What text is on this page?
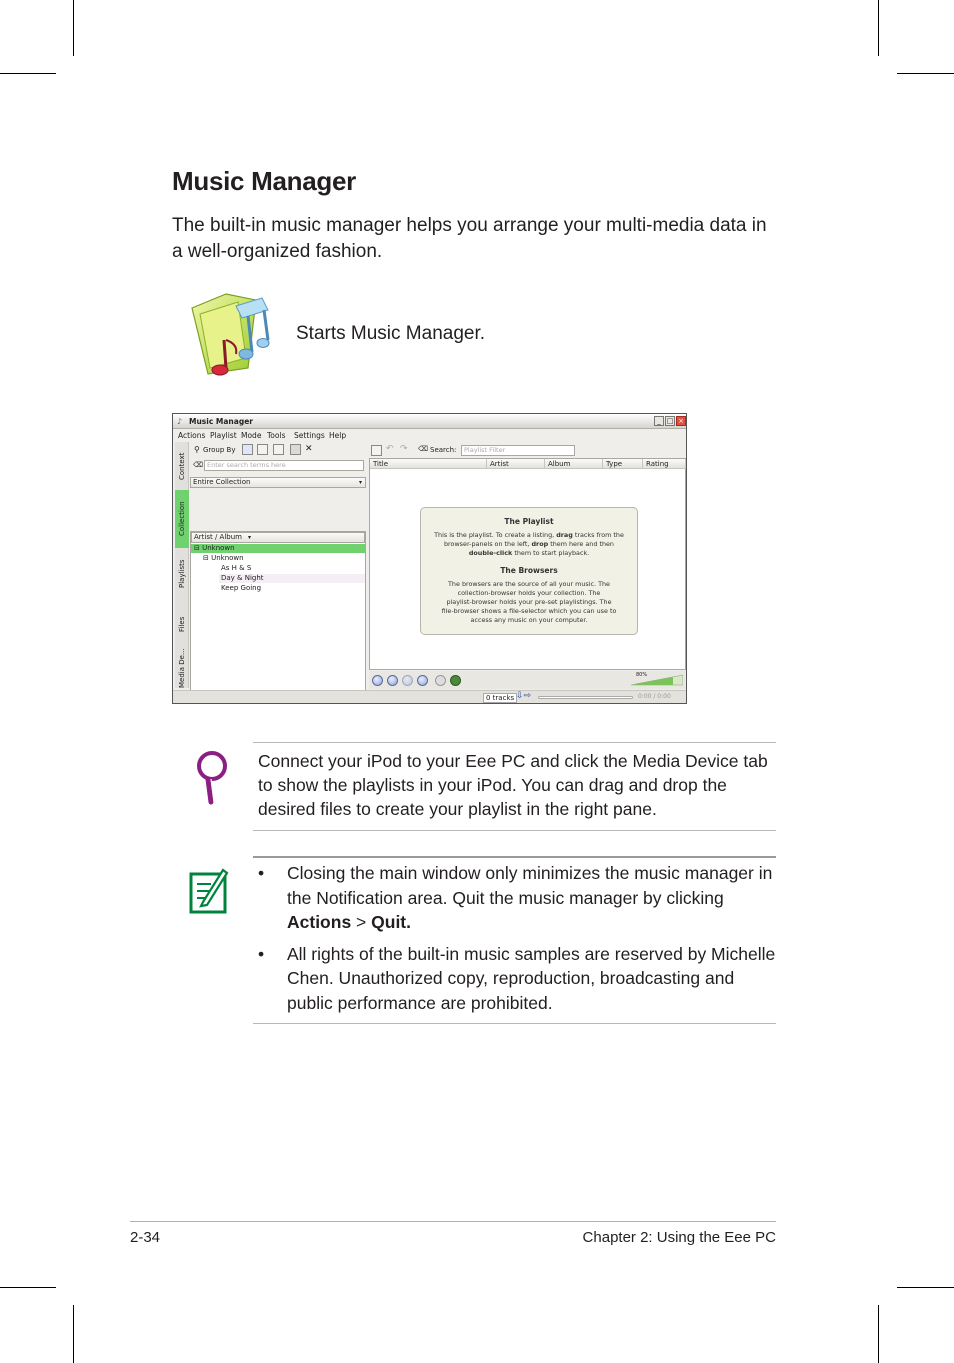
Music Manager
The built-in music manager helps you arrange your multi-media data in a well-organized fashion.
Starts Music Manager.
♪ Music Manager	_ □ ×
Actions Playlist Mode Tools Settings Help
Context
Collection
Playlists
Files
Media De...
⚲ Group By	✕
⌫ Enter search terms here
Entire Collection	▾
Artist / Album ▾
⊟ Unknown
⊟ Unknown
As H & S
Day & Night
Keep Going
↶ ↷ ⌫ Search:	Playlist Filter
Title	Artist	Album	Type	Rating
The Playlist
This is the playlist. To create a listing, drag tracks from the
browser-panels on the left, drop them here and then
double-click them to start playback.
The Browsers
The browsers are the source of all your music. The
collection-browser holds your collection. The
playlist-browser holds your pre-set playlistings. The
file-browser shows a file-selector which you can use to
access any music on your computer.
80%
0 tracks ⇩⇨	0:00 / 0:00
Connect your iPod to your Eee PC and click the Media Device tab to show the playlists in your iPod. You can drag and drop the desired files to create your playlist in the right pane.
• Closing the main window only minimizes the music manager in the Notification area. Quit the music manager by clicking Actions > Quit.
• All rights of the built-in music samples are reserved by Michelle Chen. Unauthorized copy, reproduction, broadcasting and public performance are prohibited.
2-34	Chapter 2: Using the Eee PC
